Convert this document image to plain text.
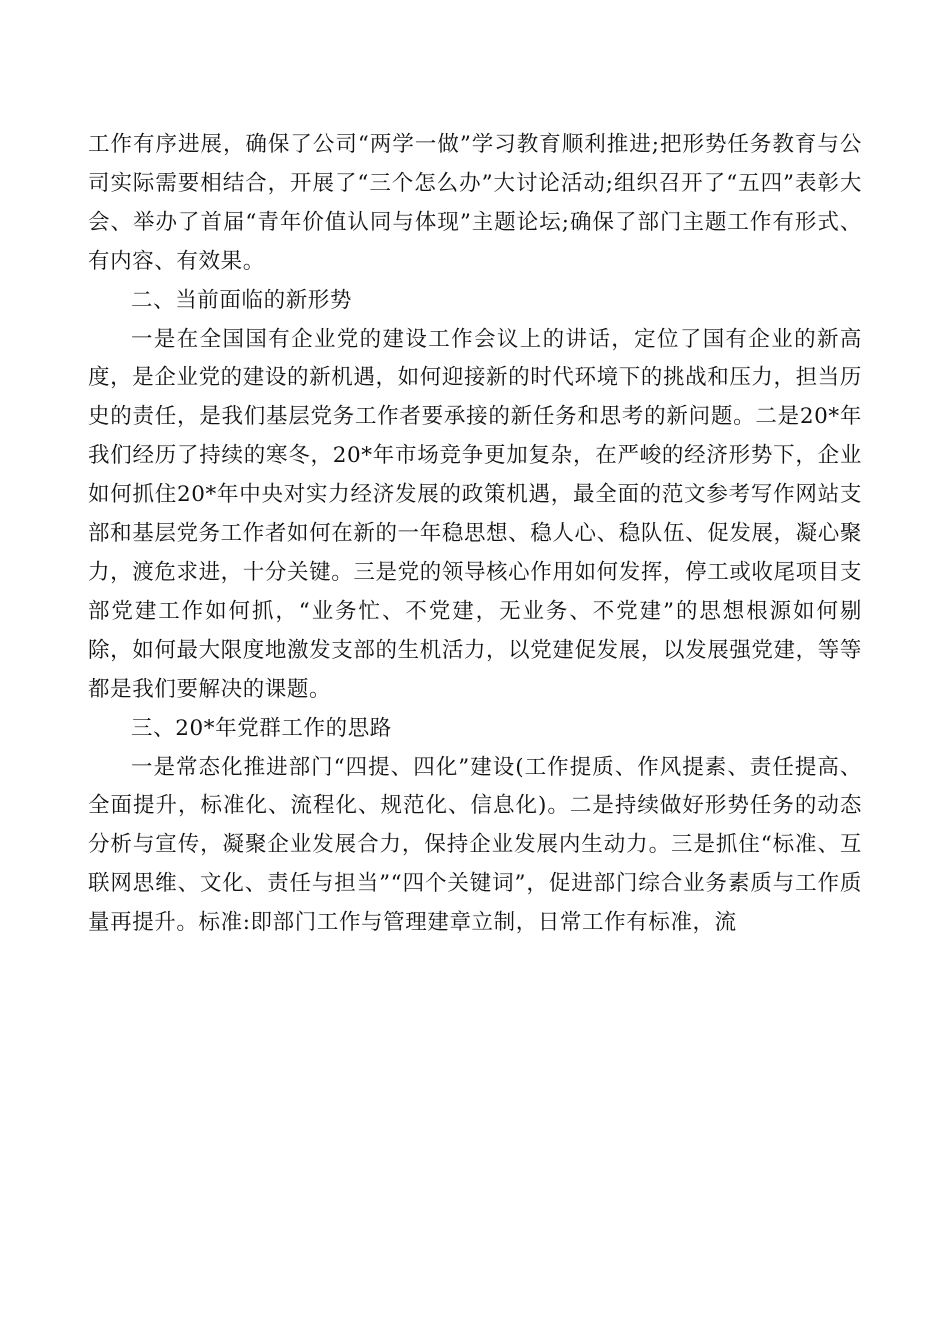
工作有序进展，确保了公司“两学一做”学习教育顺利推进;把形势任务教育与公司实际需要相结合，开展了“三个怎么办”大讨论活动;组织召开了“五四”表彰大会、举办了首届“青年价值认同与体现”主题论坛;确保了部门主题工作有形式、有内容、有效果。

二、当前面临的新形势

一是在全国国有企业党的建设工作会议上的讲话，定位了国有企业的新高度，是企业党的建设的新机遇，如何迎接新的时代环境下的挑战和压力，担当历史的责任，是我们基层党务工作者要承接的新任务和思考的新问题。二是20*年我们经历了持续的寒冬，20*年市场竞争更加复杂，在严峻的经济形势下，企业如何抓住20*年中央对实力经济发展的政策机遇，最全面的范文参考写作网站支部和基层党务工作者如何在新的一年稳思想、稳人心、稳队伍、促发展，凝心聚力，渡危求进，十分关键。三是党的领导核心作用如何发挥，停工或收尾项目支部党建工作如何抓，“业务忙、不党建，无业务、不党建”的思想根源如何剔除，如何最大限度地激发支部的生机活力，以党建促发展，以发展强党建，等等都是我们要解决的课题。

三、20*年党群工作的思路

一是常态化推进部门“四提、四化”建设(工作提质、作风提素、责任提高、全面提升，标准化、流程化、规范化、信息化)。二是持续做好形势任务的动态分析与宣传，凝聚企业发展合力，保持企业发展内生动力。三是抓住“标准、互联网思维、文化、责任与担当”“四个关键词”，促进部门综合业务素质与工作质量再提升。标准:即部门工作与管理建章立制，日常工作有标准，流
